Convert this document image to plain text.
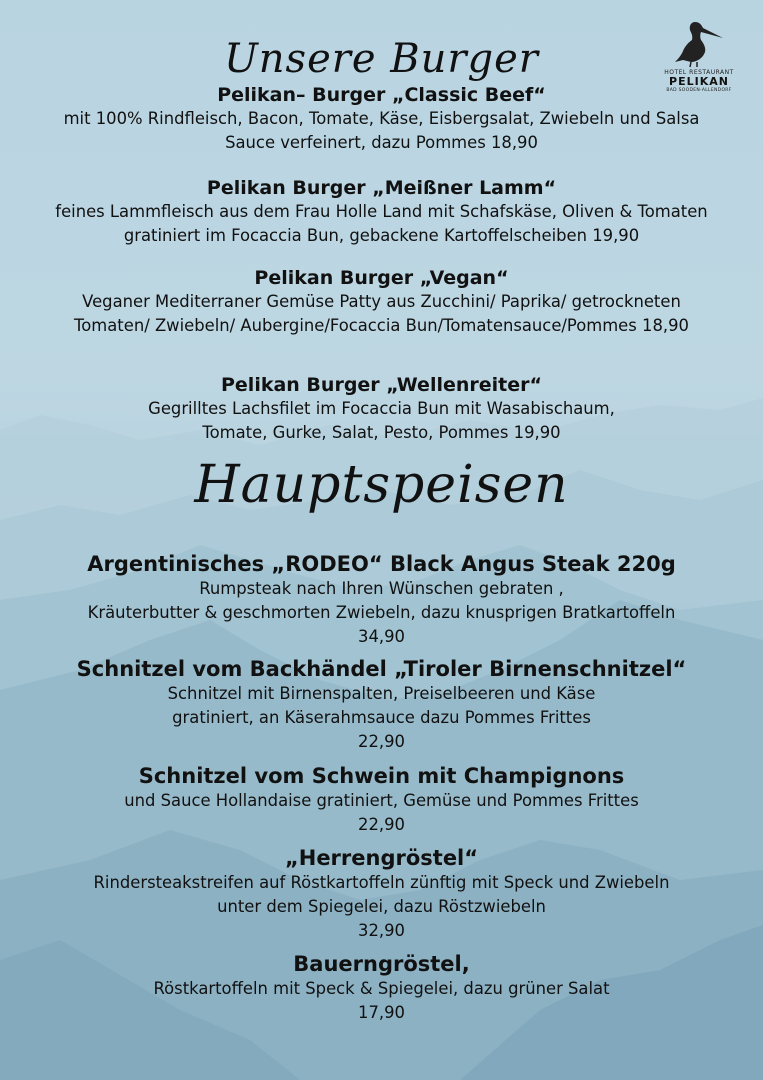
HOTEL RESTAURANT
PELIKAN
BAD SOODEN-ALLENDORF
Unsere Burger
Pelikan– Burger „Classic Beef“
mit 100% Rindfleisch, Bacon, Tomate, Käse, Eisbergsalat, Zwiebeln und Salsa
Sauce verfeinert, dazu Pommes 18,90
Pelikan Burger „Meißner Lamm“
feines Lammfleisch aus dem Frau Holle Land mit Schafskäse, Oliven & Tomaten
gratiniert im Focaccia Bun, gebackene Kartoffelscheiben 19,90
Pelikan Burger „Vegan“
Veganer Mediterraner Gemüse Patty aus Zucchini/ Paprika/ getrockneten
Tomaten/ Zwiebeln/ Aubergine/Focaccia Bun/Tomatensauce/Pommes 18,90
Pelikan Burger „Wellenreiter“
Gegrilltes Lachsfilet im Focaccia Bun mit Wasabischaum,
Tomate, Gurke, Salat, Pesto, Pommes 19,90
Hauptspeisen
Argentinisches „RODEO“ Black Angus Steak 220g
Rumpsteak nach Ihren Wünschen gebraten ,
Kräuterbutter & geschmorten Zwiebeln, dazu knusprigen Bratkartoffeln
34,90
Schnitzel vom Backhändel „Tiroler Birnenschnitzel“
Schnitzel mit Birnenspalten, Preiselbeeren und Käse
gratiniert, an Käserahmsauce dazu Pommes Frittes
22,90
Schnitzel vom Schwein mit Champignons
und Sauce Hollandaise gratiniert, Gemüse und Pommes Frittes
22,90
„Herrengröstel“
Rindersteakstreifen auf Röstkartoffeln zünftig mit Speck und Zwiebeln
unter dem Spiegelei, dazu Röstzwiebeln
32,90
Bauerngröstel,
Röstkartoffeln mit Speck & Spiegelei, dazu grüner Salat
17,90
